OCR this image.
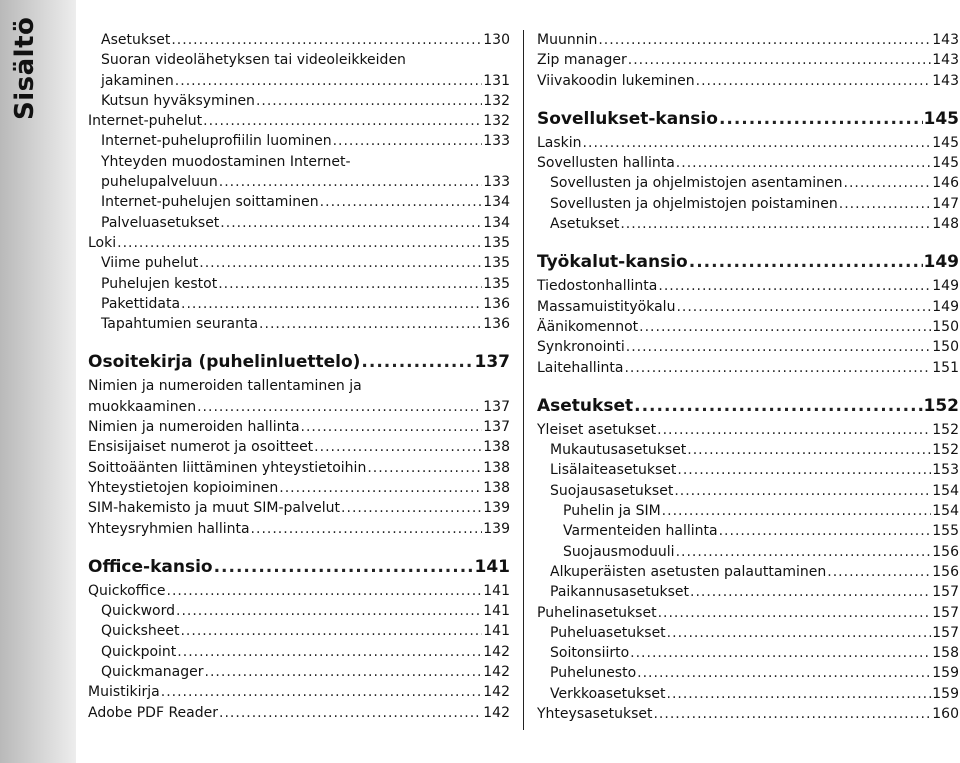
Sisältö	Asetukset .....	130
Suoran videolähetyksen tai videoleikkeiden
jakaminen .....	131
Kutsun hyväksyminen .....	132
Internet-puhelut .....	132
Internet-puheluprofiilin luominen .....	133
Yhteyden muodostaminen Internet-
puhelupalveluun .....	133
Internet-puhelujen soittaminen .....	134
Palveluasetukset .....	134
Loki .....	135
Viime puhelut .....	135
Puhelujen kestot .....	135
Pakettidata .....	136
Tapahtumien seuranta .....	136
Osoitekirja (puhelinluettelo) .....	137
Nimien ja numeroiden tallentaminen ja
muokkaaminen .....	137
Nimien ja numeroiden hallinta .....	137
Ensisijaiset numerot ja osoitteet .....	138
Soittoäänten liittäminen yhteystietoihin .....	138
Yhteystietojen kopioiminen .....	138
SIM-hakemisto ja muut SIM-palvelut .....	139
Yhteysryhmien hallinta .....	139
Office-kansio .....	141
Quickoffice .....	141
Quickword .....	141
Quicksheet .....	141
Quickpoint .....	142
Quickmanager .....	142
Muistikirja .....	142
Adobe PDF Reader .....	142
Muunnin .....	143
Zip manager .....	143
Viivakoodin lukeminen .....	143
Sovellukset-kansio .....	145
Laskin .....	145
Sovellusten hallinta .....	145
Sovellusten ja ohjelmistojen asentaminen .....	146
Sovellusten ja ohjelmistojen poistaminen .....	147
Asetukset .....	148
Työkalut-kansio .....	149
Tiedostonhallinta .....	149
Massamuistityökalu .....	149
Äänikomennot .....	150
Synkronointi .....	150
Laitehallinta .....	151
Asetukset .....	152
Yleiset asetukset .....	152
Mukautusasetukset .....	152
Lisälaiteasetukset .....	153
Suojausasetukset .....	154
Puhelin ja SIM .....	154
Varmenteiden hallinta .....	155
Suojausmoduuli .....	156
Alkuperäisten asetusten palauttaminen .....	156
Paikannusasetukset .....	157
Puhelinasetukset .....	157
Puheluasetukset .....	157
Soitonsiirto .....	158
Puhelunesto .....	159
Verkkoasetukset .....	159
Yhteysasetukset .....	160
